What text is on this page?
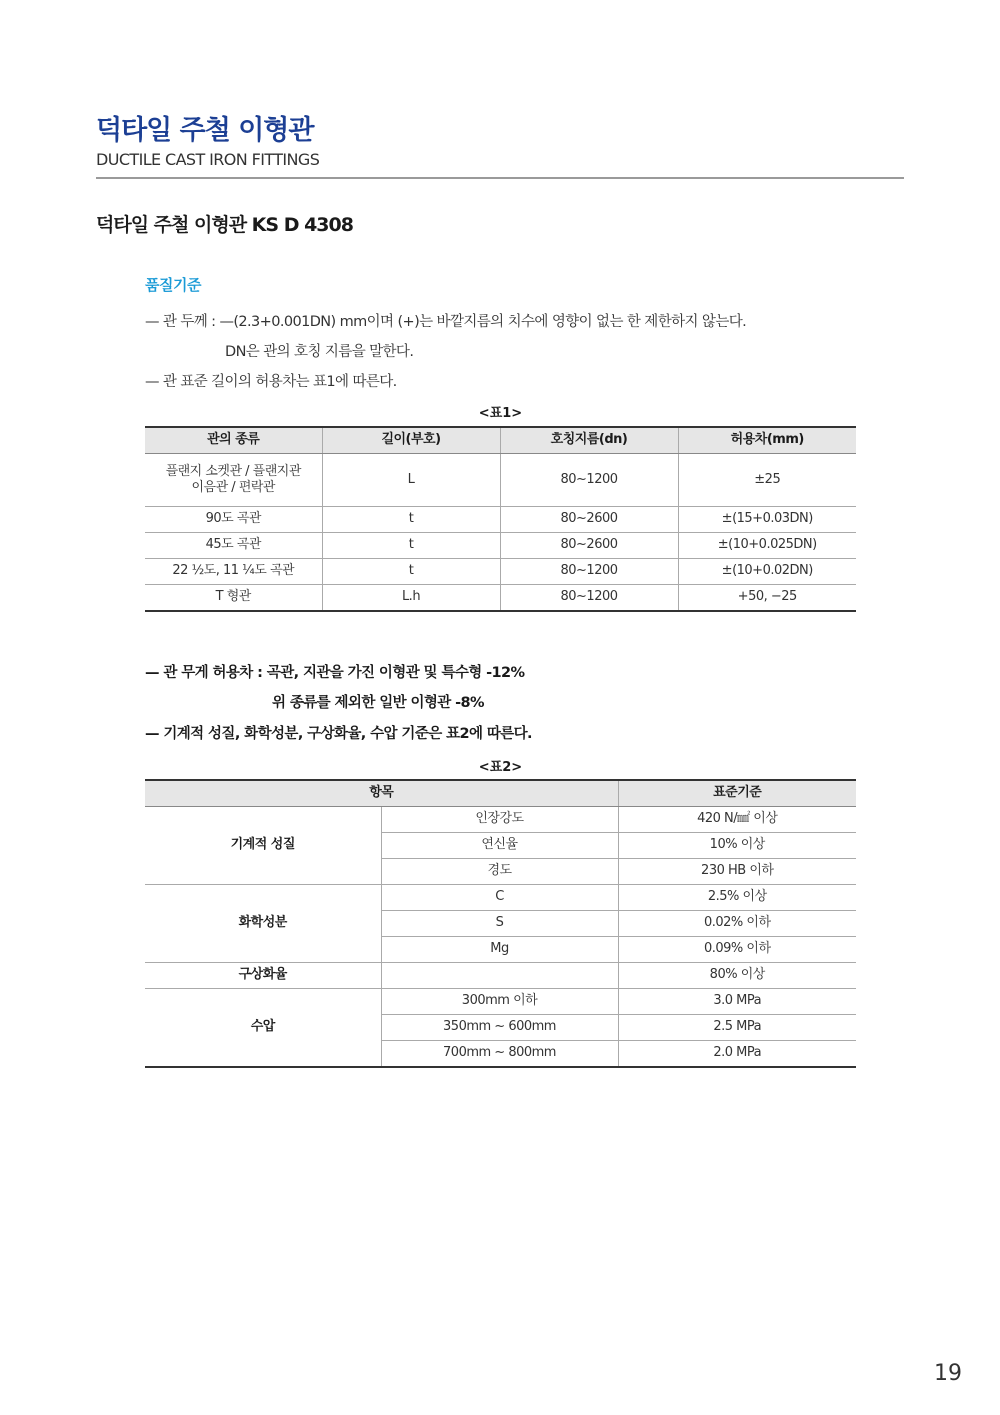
덕타일 주철 이형관
DUCTILE CAST IRON FITTINGS
덕타일 주철 이형관 KS D 4308
품질기준
— 관 두께 : —(2.3+0.001DN) mm이며 (+)는 바깥지름의 치수에 영향이 없는 한 제한하지 않는다.
DN은 관의 호칭 지름을 말한다.
— 관 표준 길이의 허용차는 표1에 따른다.
<표1>
관의 종류	길이(부호)	호칭지름(dn)	허용차(mm)
플랜지 소켓관 / 플랜지관
이음관 / 편락관	L	80~1200	±25
90도 곡관	t	80~2600	±(15+0.03DN)
45도 곡관	t	80~2600	±(10+0.025DN)
22 ½도, 11 ¼도 곡관	t	80~1200	±(10+0.02DN)
T 형관	L.h	80~1200	+50, −25
— 관 무게 허용차 : 곡관, 지관을 가진 이형관 및 특수형 -12%
위 종류를 제외한 일반 이형관 -8%
— 기계적 성질, 화학성분, 구상화율, 수압 기준은 표2에 따른다.
<표2>
항목		표준기준
기계적 성질	인장강도	420 N/㎟ 이상
	연신율	10% 이상
	경도	230 HB 이하
화학성분	C	2.5% 이상
	S	0.02% 이하
	Mg	0.09% 이하
구상화율		80% 이상
수압	300mm 이하	3.0 MPa
	350mm ~ 600mm	2.5 MPa
	700mm ~ 800mm	2.0 MPa
19
